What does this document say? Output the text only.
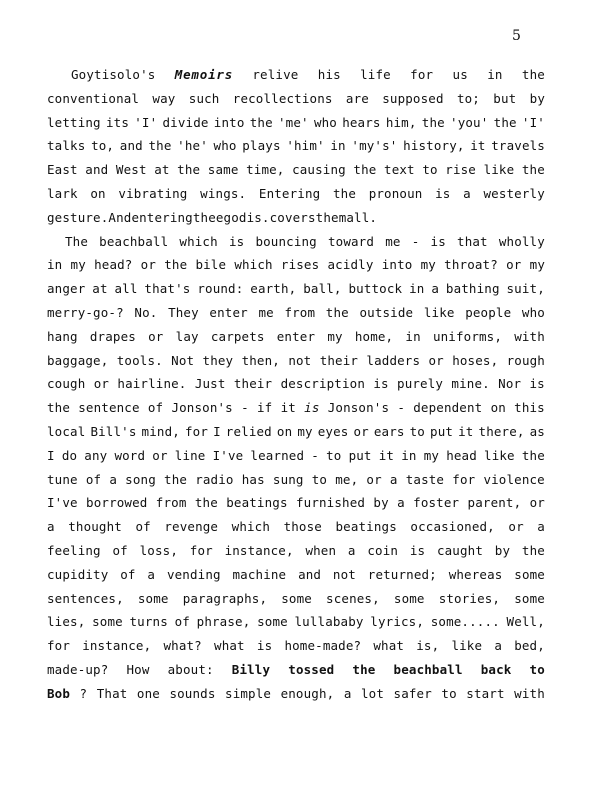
5
Goytisolo's Memoirs relive his life for us in the
conventional way such recollections are supposed to; but by
letting its 'I' divide into the 'me' who hears him, the 'you' the 'I'
talks to, and the 'he' who plays 'him' in 'my's' history, it travels
East and West at the same time, causing the text to rise like the
lark on vibrating wings. Entering the pronoun is a westerly
gesture. And entering the ego dis.covers them all.
The beachball which is bouncing toward me - is that wholly
in my head? or the bile which rises acidly into my throat? or my
anger at all that's round: earth, ball, buttock in a bathing suit,
merry-go-? No. They enter me from the outside like people who
hang drapes or lay carpets enter my home, in uniforms, with
baggage, tools. Not they then, not their ladders or hoses, rough
cough or hairline. Just their description is purely mine. Nor is
the sentence of Jonson's - if it is Jonson's - dependent on this
local Bill's mind, for I relied on my eyes or ears to put it there, as
I do any word or line I've learned - to put it in my head like the
tune of a song the radio has sung to me, or a taste for violence
I've borrowed from the beatings furnished by a foster parent, or
a thought of revenge which those beatings occasioned, or a
feeling of loss, for instance, when a coin is caught by the
cupidity of a vending machine and not returned; whereas some
sentences, some paragraphs, some scenes, some stories, some
lies, some turns of phrase, some lullababy lyrics, some..... Well,
for instance, what? what is home-made? what is, like a bed,
made-up? How about: Billy tossed the beachball back to
Bob ? That one sounds simple enough, a lot safer to start with
